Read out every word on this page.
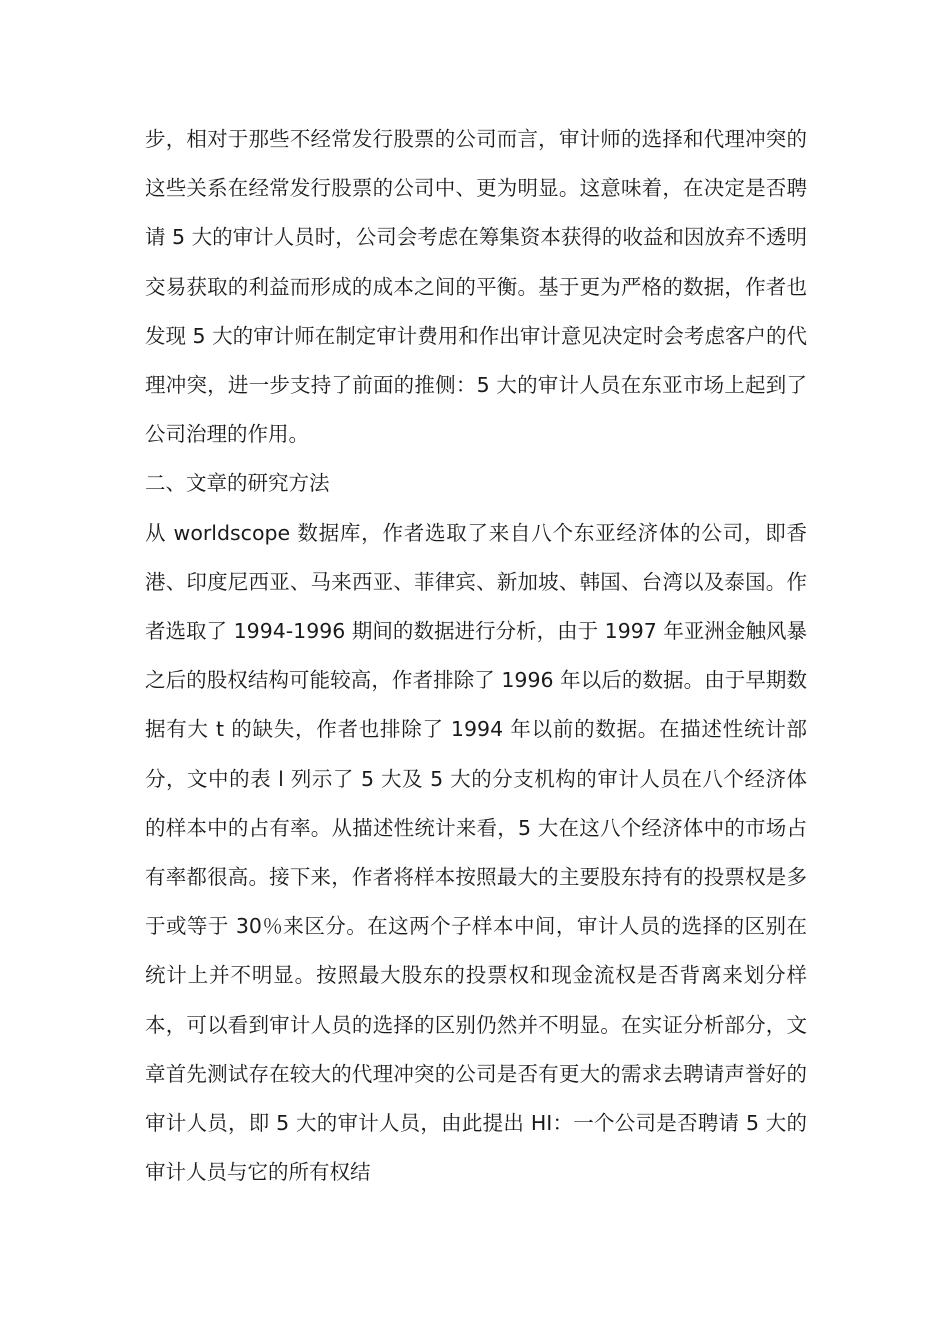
步，相对于那些不经常发行股票的公司而言，审计师的选择和代理冲突的这些关系在经常发行股票的公司中、更为明显。这意味着，在决定是否聘请 5 大的审计人员时，公司会考虑在筹集资本获得的收益和因放弃不透明交易获取的利益而形成的成本之间的平衡。基于更为严格的数据，作者也发现 5 大的审计师在制定审计费用和作出审计意见决定时会考虑客户的代理冲突，进一步支持了前面的推侧：5 大的审计人员在东亚市场上起到了公司治理的作用。

二、文章的研究方法

从 worldscope 数据库，作者选取了来自八个东亚经济体的公司，即香港、印度尼西亚、马来西亚、菲律宾、新加坡、韩国、台湾以及泰国。作者选取了 1994-1996 期间的数据进行分析，由于 1997 年亚洲金触风暴之后的股权结构可能较高，作者排除了 1996 年以后的数据。由于早期数据有大 t 的缺失，作者也排除了 1994 年以前的数据。在描述性统计部分，文中的表 l 列示了 5 大及 5 大的分支机构的审计人员在八个经济体的样本中的占有率。从描述性统计来看，5 大在这八个经济体中的市场占有率都很高。接下来，作者将样本按照最大的主要股东持有的投票权是多于或等于 30％来区分。在这两个子样本中间，审计人员的选择的区别在统计上并不明显。按照最大股东的投票权和现金流权是否背离来划分样本，可以看到审计人员的选择的区别仍然并不明显。在实证分析部分，文章首先测试存在较大的代理冲突的公司是否有更大的需求去聘请声誉好的审计人员，即 5 大的审计人员，由此提出 HI：一个公司是否聘请 5 大的审计人员与它的所有权结
